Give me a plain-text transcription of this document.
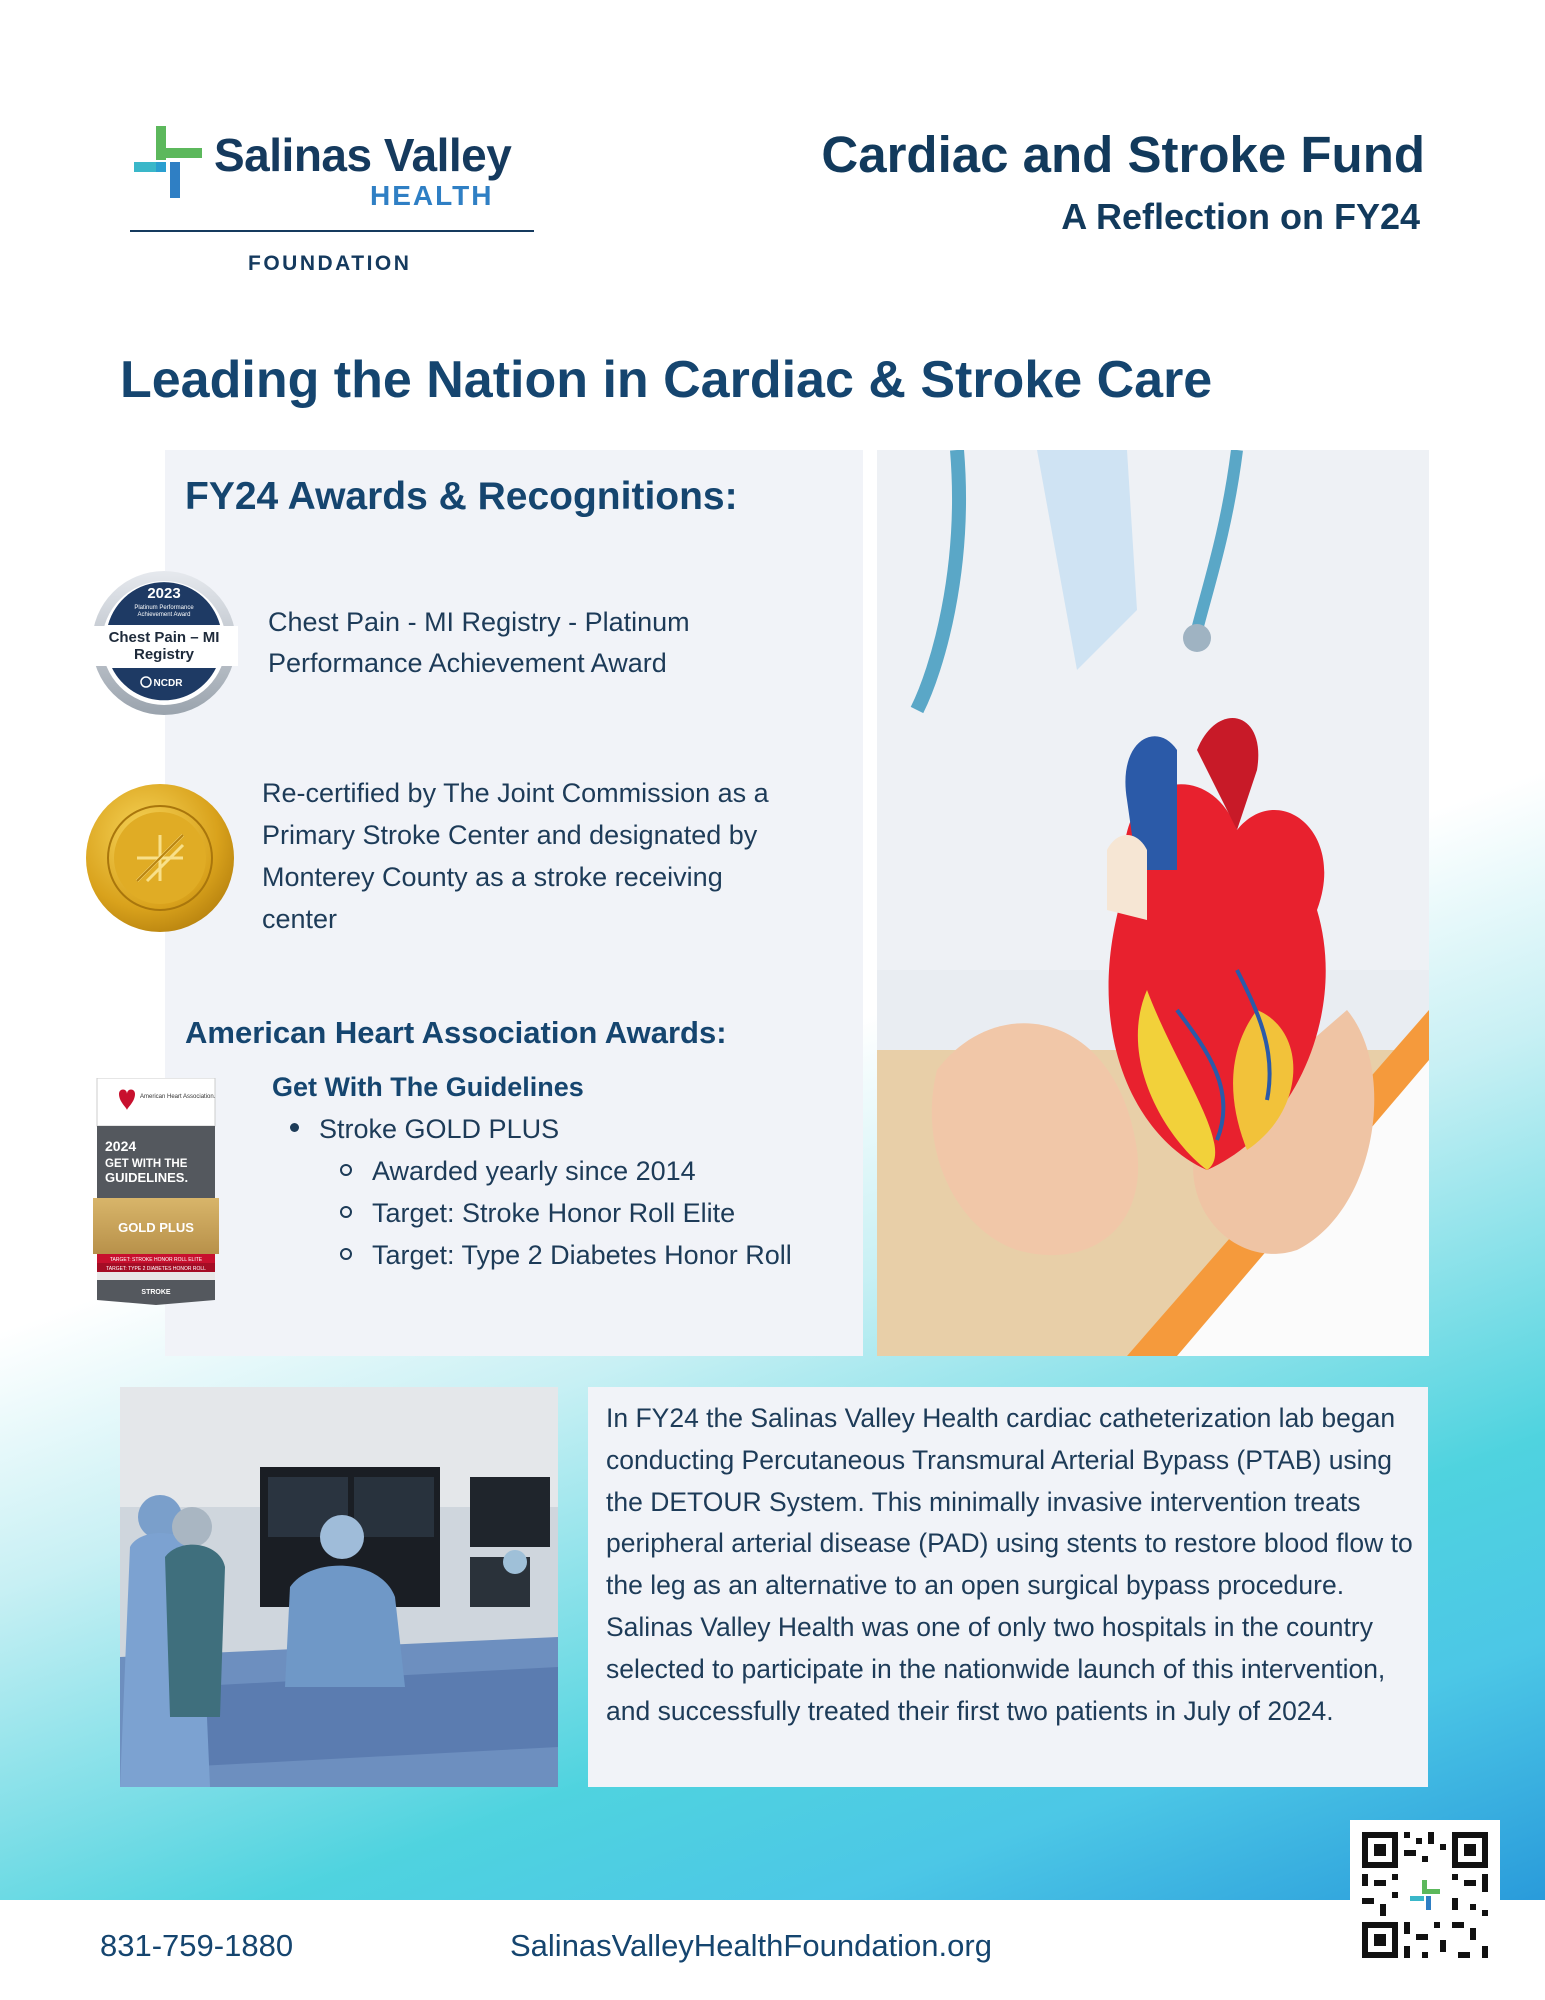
Salinas Valley
HEALTH
FOUNDATION
Cardiac and Stroke Fund
A Reflection on FY24
Leading the Nation in Cardiac & Stroke Care
FY24 Awards & Recognitions:
2023
Platinum Performance
Achievement Award
Chest Pain – MI
Registry
NCDR
Chest Pain - MI Registry - Platinum Performance Achievement Award
Re-certified by The Joint Commission as a Primary Stroke Center and designated by Monterey County as a stroke receiving center
American Heart Association Awards:
American Heart Association.
2024
GET WITH THE
GUIDELINES.
GOLD PLUS
TARGET: STROKE HONOR ROLL ELITE
TARGET: TYPE 2 DIABETES HONOR ROLL
STROKE
Get With The Guidelines
Stroke GOLD PLUS
Awarded yearly since 2014
Target: Stroke Honor Roll Elite
Target: Type 2 Diabetes Honor Roll
In FY24 the Salinas Valley Health cardiac catheterization lab began conducting Percutaneous Transmural Arterial Bypass (PTAB) using the DETOUR System. This minimally invasive intervention treats peripheral arterial disease (PAD) using stents to restore blood flow to the leg as an alternative to an open surgical bypass procedure. Salinas Valley Health was one of only two hospitals in the country selected to participate in the nationwide launch of this intervention, and successfully treated their first two patients in July of 2024.
831-759-1880	SalinasValleyHealthFoundation.org
